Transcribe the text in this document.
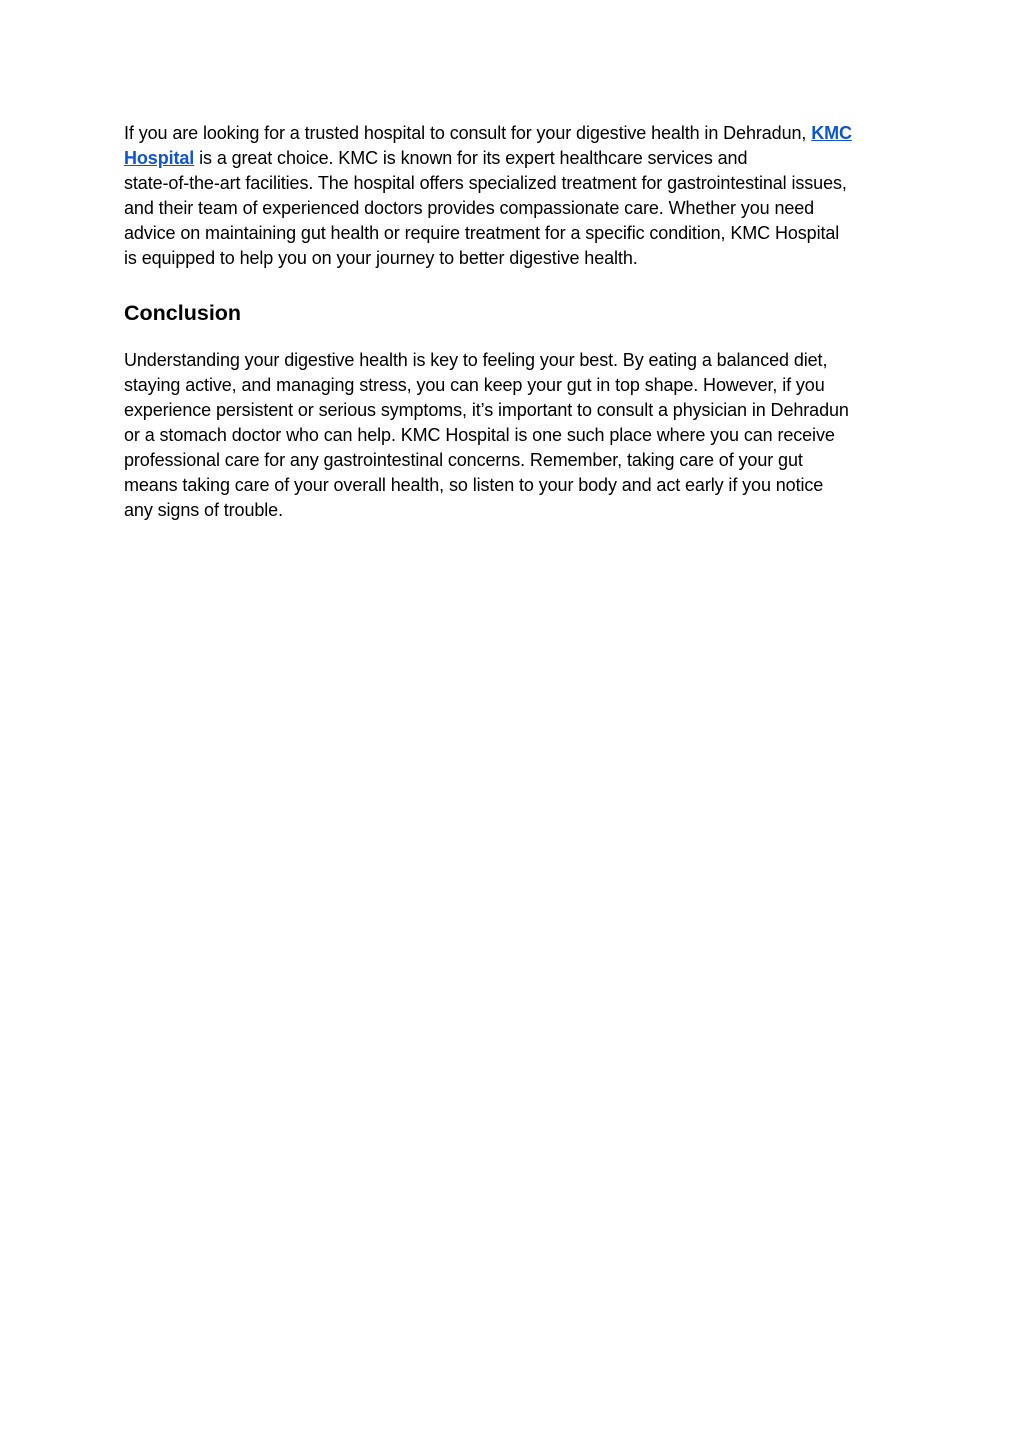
If you are looking for a trusted hospital to consult for your digestive health in Dehradun, KMC
Hospital is a great choice. KMC is known for its expert healthcare services and
state-of-the-art facilities. The hospital offers specialized treatment for gastrointestinal issues,
and their team of experienced doctors provides compassionate care. Whether you need
advice on maintaining gut health or require treatment for a specific condition, KMC Hospital
is equipped to help you on your journey to better digestive health.

Conclusion

Understanding your digestive health is key to feeling your best. By eating a balanced diet,
staying active, and managing stress, you can keep your gut in top shape. However, if you
experience persistent or serious symptoms, it’s important to consult a physician in Dehradun
or a stomach doctor who can help. KMC Hospital is one such place where you can receive
professional care for any gastrointestinal concerns. Remember, taking care of your gut
means taking care of your overall health, so listen to your body and act early if you notice
any signs of trouble.
